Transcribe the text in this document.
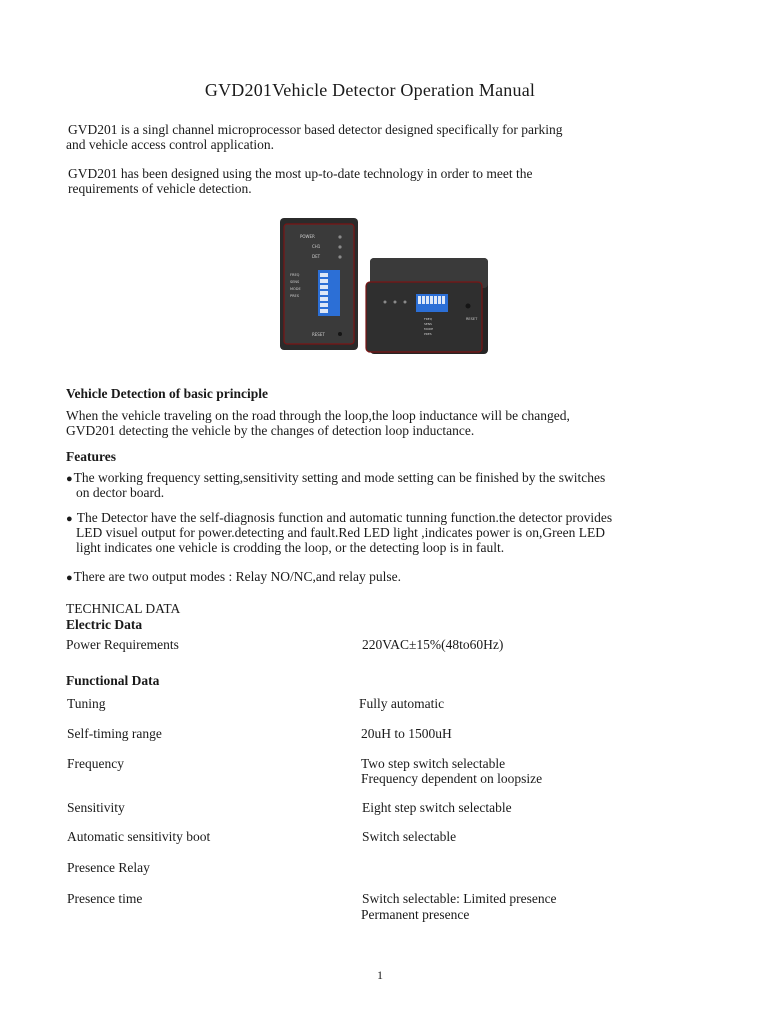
GVD201Vehicle Detector Operation Manual

GVD201 is a singl channel microprocessor based detector designed specifically for parking

and vehicle access control application.

GVD201 has been designed using the most up-to-date technology in order to meet the

requirements of vehicle detection.

POWER
CH1
DET
FREQ
SENS
MODE
PRES
RESET
FREQ
SENS
MODE
PRES
RESET
Vehicle Detection of basic principle

When the vehicle traveling on the road through the loop,the loop inductance will be changed,

GVD201 detecting the vehicle by the changes of detection loop inductance.

Features

●The working frequency setting,sensitivity setting and mode setting can be finished by the switches

on dector board.

● The Detector have the self-diagnosis function and automatic tunning function.the detector provides

LED visuel output for power.detecting and fault.Red LED light ,indicates power is on,Green LED

light indicates one vehicle is crodding the loop, or the detecting loop is in fault.

●There are two output modes : Relay NO/NC,and relay pulse.

TECHNICAL DATA
Electric Data

Power Requirements	220VAC±15%(48to60Hz)

Functional Data

Tuning	Fully automatic

Self-timing range	20uH to 1500uH

Frequency	Two step switch selectable

Frequency dependent on loopsize

Sensitivity	Eight step switch selectable

Automatic sensitivity boot	Switch selectable

Presence Relay

Presence time	Switch selectable: Limited presence

Permanent presence

1
